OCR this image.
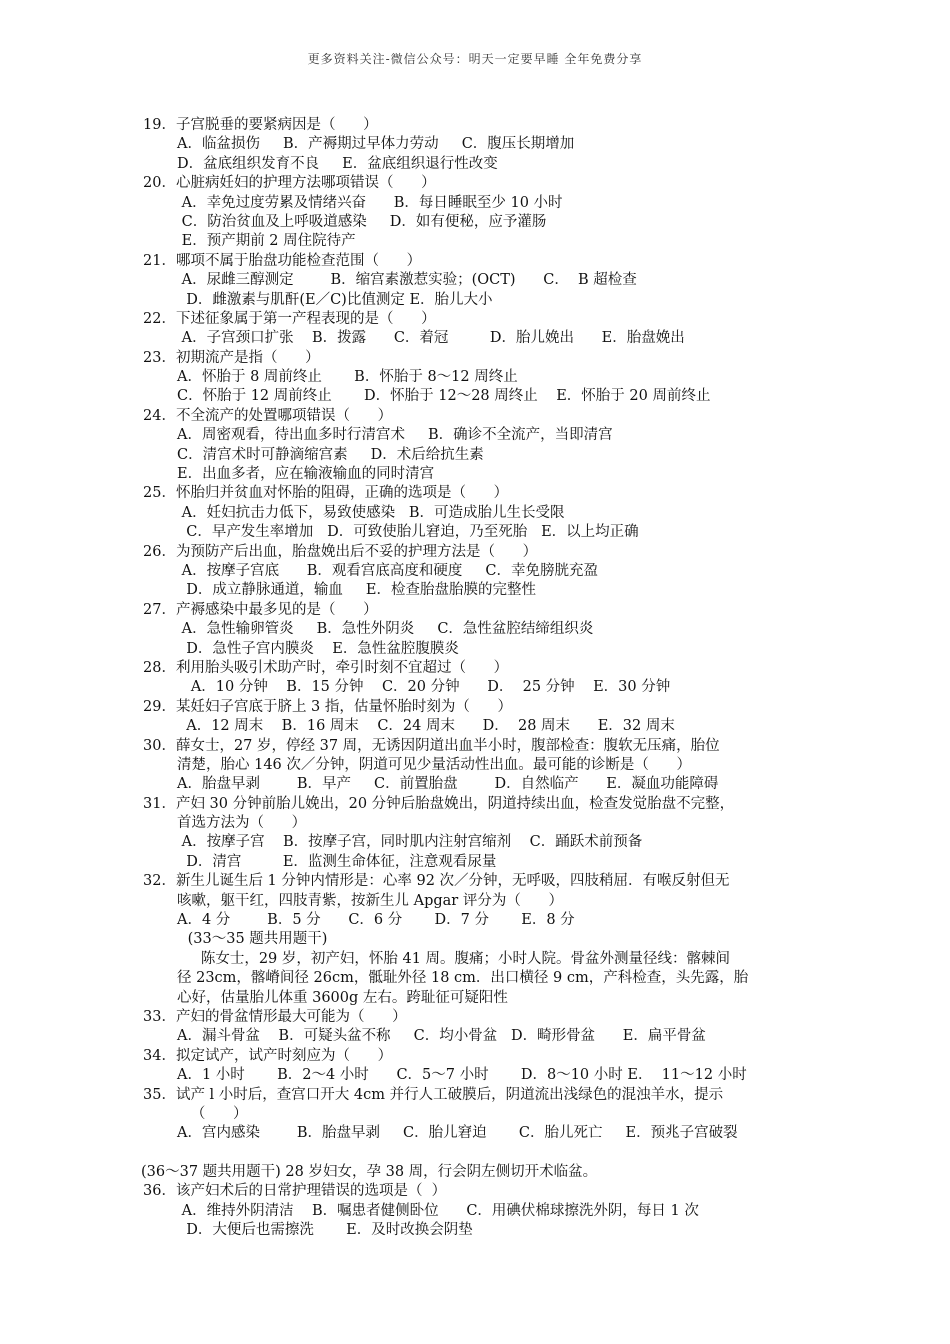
更多资料关注-微信公众号：明天一定要早睡 全年免费分享
19．子宫脱垂的要紧病因是（      ）
A．临盆损伤     B．产褥期过早体力劳动     C．腹压长期增加
D．盆底组织发育不良     E．盆底组织退行性改变
20．心脏病妊妇的护理方法哪项错误（      ）
A．幸免过度劳累及情绪兴奋      B．每日睡眠至少 10 小时
C．防治贫血及上呼吸道感染     D．如有便秘，应予灌肠
E．预产期前 2 周住院待产
21．哪项不属于胎盘功能检查范围（      ）
A．尿雌三醇测定        B．缩宫素激惹实验；(OCT)      C．  B 超检查
D．雌激素与肌酐(E／C)比值测定 E．胎儿大小
22．下述征象属于第一产程表现的是（      ）
A．子宫颈口扩张    B．拨露      C．着冠         D．胎儿娩出      E．胎盘娩出
23．初期流产是指（      ）
A．怀胎于 8 周前终止       B．怀胎于 8～12 周终止
C．怀胎于 12 周前终止       D．怀胎于 12～28 周终止    E．怀胎于 20 周前终止
24．不全流产的处置哪项错误（      ）
A．周密观看，待出血多时行清宫术     B．确诊不全流产，当即清宫
C．清宫术时可静滴缩宫素     D．术后给抗生素
E．出血多者，应在输液输血的同时清宫
25．怀胎归并贫血对怀胎的阻碍，正确的选项是（      ）
A．妊妇抗击力低下，易致使感染   B．可造成胎儿生长受限
C．早产发生率增加   D．可致使胎儿窘迫，乃至死胎   E．以上均正确
26．为预防产后出血，胎盘娩出后不妥的护理方法是（      ）
A．按摩子宫底      B．观看宫底高度和硬度     C．幸免膀胱充盈
D．成立静脉通道，输血     E．检查胎盘胎膜的完整性
27．产褥感染中最多见的是（      ）
A．急性输卵管炎     B．急性外阴炎     C．急性盆腔结缔组织炎
D．急性子宫内膜炎    E．急性盆腔腹膜炎
28．利用胎头吸引术助产时，牵引时刻不宜超过（      ）
A．10 分钟    B．15 分钟    C．20 分钟      D．  25 分钟    E．30 分钟
29．某妊妇子宫底于脐上 3 指，估量怀胎时刻为（      ）
A．12 周末    B．16 周末    C．24 周末      D．  28 周末      E．32 周末
30．薛女士，27 岁，停经 37 周，无诱因阴道出血半小时，腹部检查：腹软无压痛，胎位
清楚，胎心 146 次／分钟，阴道可见少量活动性出血。最可能的诊断是（      ）
A．胎盘早剥        B．早产     C．前置胎盘        D．自然临产      E．凝血功能障碍
31．产妇 30 分钟前胎儿娩出，20 分钟后胎盘娩出，阴道持续出血，检查发觉胎盘不完整，
首选方法为（      ）
A．按摩子宫    B．按摩子宫，同时肌内注射宫缩剂    C．踊跃术前预备
D．清宫         E．监测生命体征，注意观看尿量
32．新生儿诞生后 1 分钟内情形是：心率 92 次／分钟，无呼吸，四肢稍屈．有喉反射但无
咳嗽，躯干红，四肢青紫，按新生儿 Apgar 评分为（      ）
A．4 分        B．5 分      C．6 分       D．7 分       E．8 分
(33～35 题共用题干)
陈女士，29 岁，初产妇，怀胎 41 周。腹痛；小时人院。骨盆外测量径线：髂棘间
径 23cm，髂嵴间径 26cm，骶耻外径 18 cm．出口横径 9 cm，产科检查，头先露，胎
心好，估量胎儿体重 3600g 左右。跨耻征可疑阳性
33．产妇的骨盆情形最大可能为（      ）
A．漏斗骨盆    B．可疑头盆不称     C．均小骨盆   D．畸形骨盆      E．扁平骨盆
34．拟定试产，试产时刻应为（      ）
A．1 小时       B．2～4 小时      C．5～7 小时       D．8～10 小时 E．  11～12 小时
35．试产 l 小时后，查宫口开大 4cm 并行人工破膜后，阴道流出浅绿色的混浊羊水，提示
（      ）
A．宫内感染        B．胎盘早剥     C．胎儿窘迫       C．胎儿死亡     E．预兆子宫破裂
(36～37 题共用题干) 28 岁妇女，孕 38 周，行会阴左侧切开术临盆。
36．该产妇术后的日常护理错误的选项是（  ）
A．维持外阴清洁    B．嘱患者健侧卧位      C．用碘伏棉球擦洗外阴，每日 1 次
D．大便后也需擦洗       E．及时改换会阴垫
